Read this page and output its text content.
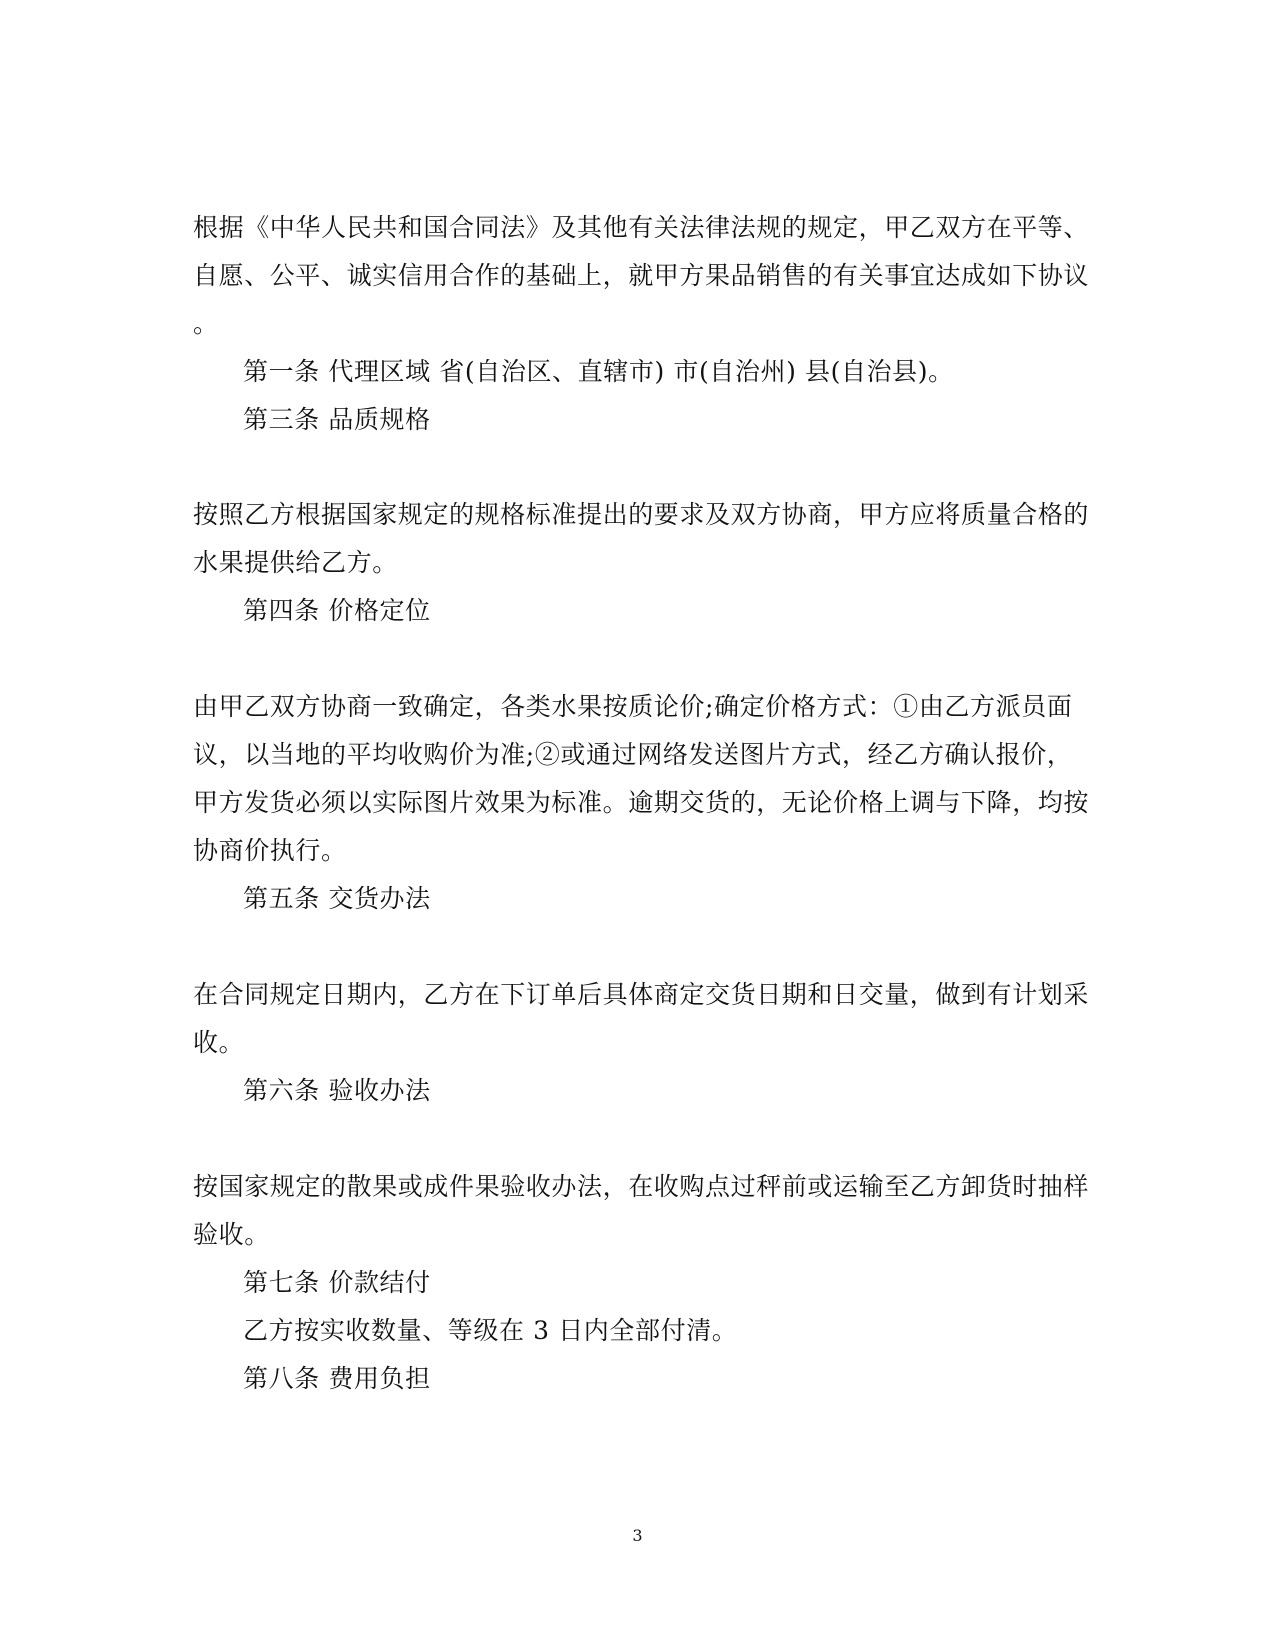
根据《中华人民共和国合同法》及其他有关法律法规的规定，甲乙双方在平等、
自愿、公平、诚实信用合作的基础上，就甲方果品销售的有关事宜达成如下协议
。
第一条 代理区域 省(自治区、直辖市) 市(自治州) 县(自治县)。
第三条 品质规格
按照乙方根据国家规定的规格标准提出的要求及双方协商，甲方应将质量合格的
水果提供给乙方。
第四条 价格定位
由甲乙双方协商一致确定，各类水果按质论价;确定价格方式：①由乙方派员面
议，以当地的平均收购价为准;②或通过网络发送图片方式，经乙方确认报价，
甲方发货必须以实际图片效果为标准。逾期交货的，无论价格上调与下降，均按
协商价执行。
第五条 交货办法
在合同规定日期内，乙方在下订单后具体商定交货日期和日交量，做到有计划采
收。
第六条 验收办法
按国家规定的散果或成件果验收办法，在收购点过秤前或运输至乙方卸货时抽样
验收。
第七条 价款结付
乙方按实收数量、等级在 3 日内全部付清。
第八条 费用负担
3
